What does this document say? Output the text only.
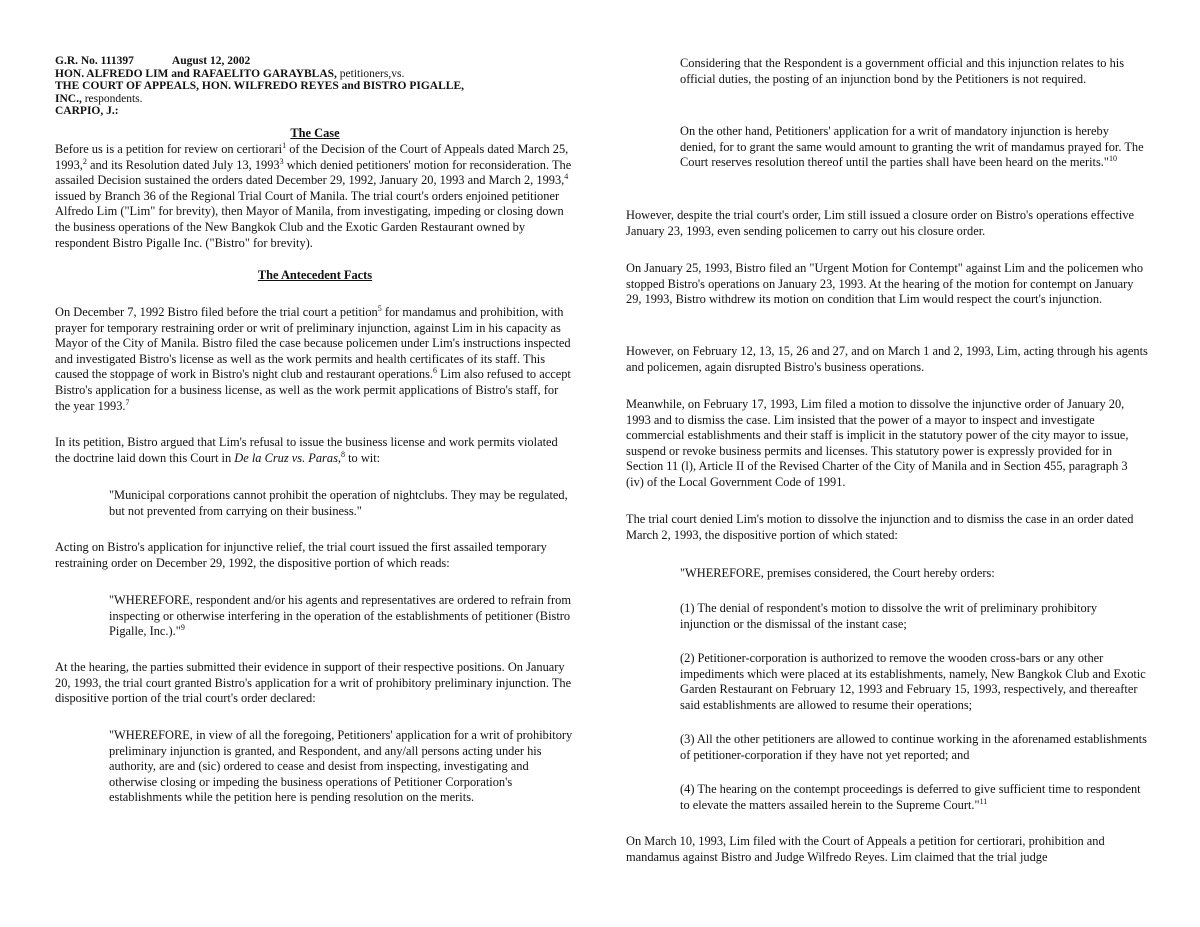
G.R. No. 111397	August 12, 2002
HON. ALFREDO LIM and RAFAELITO GARAYBLAS, petitioners,vs.
THE COURT OF APPEALS, HON. WILFREDO REYES and BISTRO PIGALLE,
INC., respondents.
CARPIO, J.:
The Case

Before us is a petition for review on certiorari$^1$ of the Decision of the Court of Appeals dated March 25, 1993,$^2$ and its Resolution dated July 13, 1993$^3$ which denied petitioners' motion for reconsideration. The assailed Decision sustained the orders dated December 29, 1992, January 20, 1993 and March 2, 1993,$^4$ issued by Branch 36 of the Regional Trial Court of Manila. The trial court's orders enjoined petitioner Alfredo Lim ("Lim" for brevity), then Mayor of Manila, from investigating, impeding or closing down the business operations of the New Bangkok Club and the Exotic Garden Restaurant owned by respondent Bistro Pigalle Inc. ("Bistro" for brevity).

The Antecedent Facts

On December 7, 1992 Bistro filed before the trial court a petition$^5$ for mandamus and prohibition, with prayer for temporary restraining order or writ of preliminary injunction, against Lim in his capacity as Mayor of the City of Manila. Bistro filed the case because policemen under Lim's instructions inspected and investigated Bistro's license as well as the work permits and health certificates of its staff. This caused the stoppage of work in Bistro's night club and restaurant operations.$^6$ Lim also refused to accept Bistro's application for a business license, as well as the work permit applications of Bistro's staff, for the year 1993.$^7$

In its petition, Bistro argued that Lim's refusal to issue the business license and work permits violated the doctrine laid down this Court in De la Cruz vs. Paras,$^8$ to wit:

"Municipal corporations cannot prohibit the operation of nightclubs. They may be regulated, but not prevented from carrying on their business."

Acting on Bistro's application for injunctive relief, the trial court issued the first assailed temporary restraining order on December 29, 1992, the dispositive portion of which reads:

"WHEREFORE, respondent and/or his agents and representatives are ordered to refrain from inspecting or otherwise interfering in the operation of the establishments of petitioner (Bistro Pigalle, Inc.)."$^9$

At the hearing, the parties submitted their evidence in support of their respective positions. On January 20, 1993, the trial court granted Bistro's application for a writ of prohibitory preliminary injunction. The dispositive portion of the trial court's order declared:

"WHEREFORE, in view of all the foregoing, Petitioners' application for a writ of prohibitory preliminary injunction is granted, and Respondent, and any/all persons acting under his authority, are and (sic) ordered to cease and desist from inspecting, investigating and otherwise closing or impeding the business operations of Petitioner Corporation's establishments while the petition here is pending resolution on the merits.

Considering that the Respondent is a government official and this injunction relates to his official duties, the posting of an injunction bond by the Petitioners is not required.

On the other hand, Petitioners' application for a writ of mandatory injunction is hereby denied, for to grant the same would amount to granting the writ of mandamus prayed for. The Court reserves resolution thereof until the parties shall have been heard on the merits."$^{10}$

However, despite the trial court's order, Lim still issued a closure order on Bistro's operations effective January 23, 1993, even sending policemen to carry out his closure order.

On January 25, 1993, Bistro filed an "Urgent Motion for Contempt" against Lim and the policemen who stopped Bistro's operations on January 23, 1993. At the hearing of the motion for contempt on January 29, 1993, Bistro withdrew its motion on condition that Lim would respect the court's injunction.

However, on February 12, 13, 15, 26 and 27, and on March 1 and 2, 1993, Lim, acting through his agents and policemen, again disrupted Bistro's business operations.

Meanwhile, on February 17, 1993, Lim filed a motion to dissolve the injunctive order of January 20, 1993 and to dismiss the case. Lim insisted that the power of a mayor to inspect and investigate commercial establishments and their staff is implicit in the statutory power of the city mayor to issue, suspend or revoke business permits and licenses. This statutory power is expressly provided for in Section 11 (l), Article II of the Revised Charter of the City of Manila and in Section 455, paragraph 3 (iv) of the Local Government Code of 1991.

The trial court denied Lim's motion to dissolve the injunction and to dismiss the case in an order dated March 2, 1993, the dispositive portion of which stated:

"WHEREFORE, premises considered, the Court hereby orders:

(1) The denial of respondent's motion to dissolve the writ of preliminary prohibitory injunction or the dismissal of the instant case;

(2) Petitioner-corporation is authorized to remove the wooden cross-bars or any other impediments which were placed at its establishments, namely, New Bangkok Club and Exotic Garden Restaurant on February 12, 1993 and February 15, 1993, respectively, and thereafter said establishments are allowed to resume their operations;

(3) All the other petitioners are allowed to continue working in the aforenamed establishments of petitioner-corporation if they have not yet reported; and

(4) The hearing on the contempt proceedings is deferred to give sufficient time to respondent to elevate the matters assailed herein to the Supreme Court."$^{11}$

On March 10, 1993, Lim filed with the Court of Appeals a petition for certiorari, prohibition and mandamus against Bistro and Judge Wilfredo Reyes. Lim claimed that the trial judge
